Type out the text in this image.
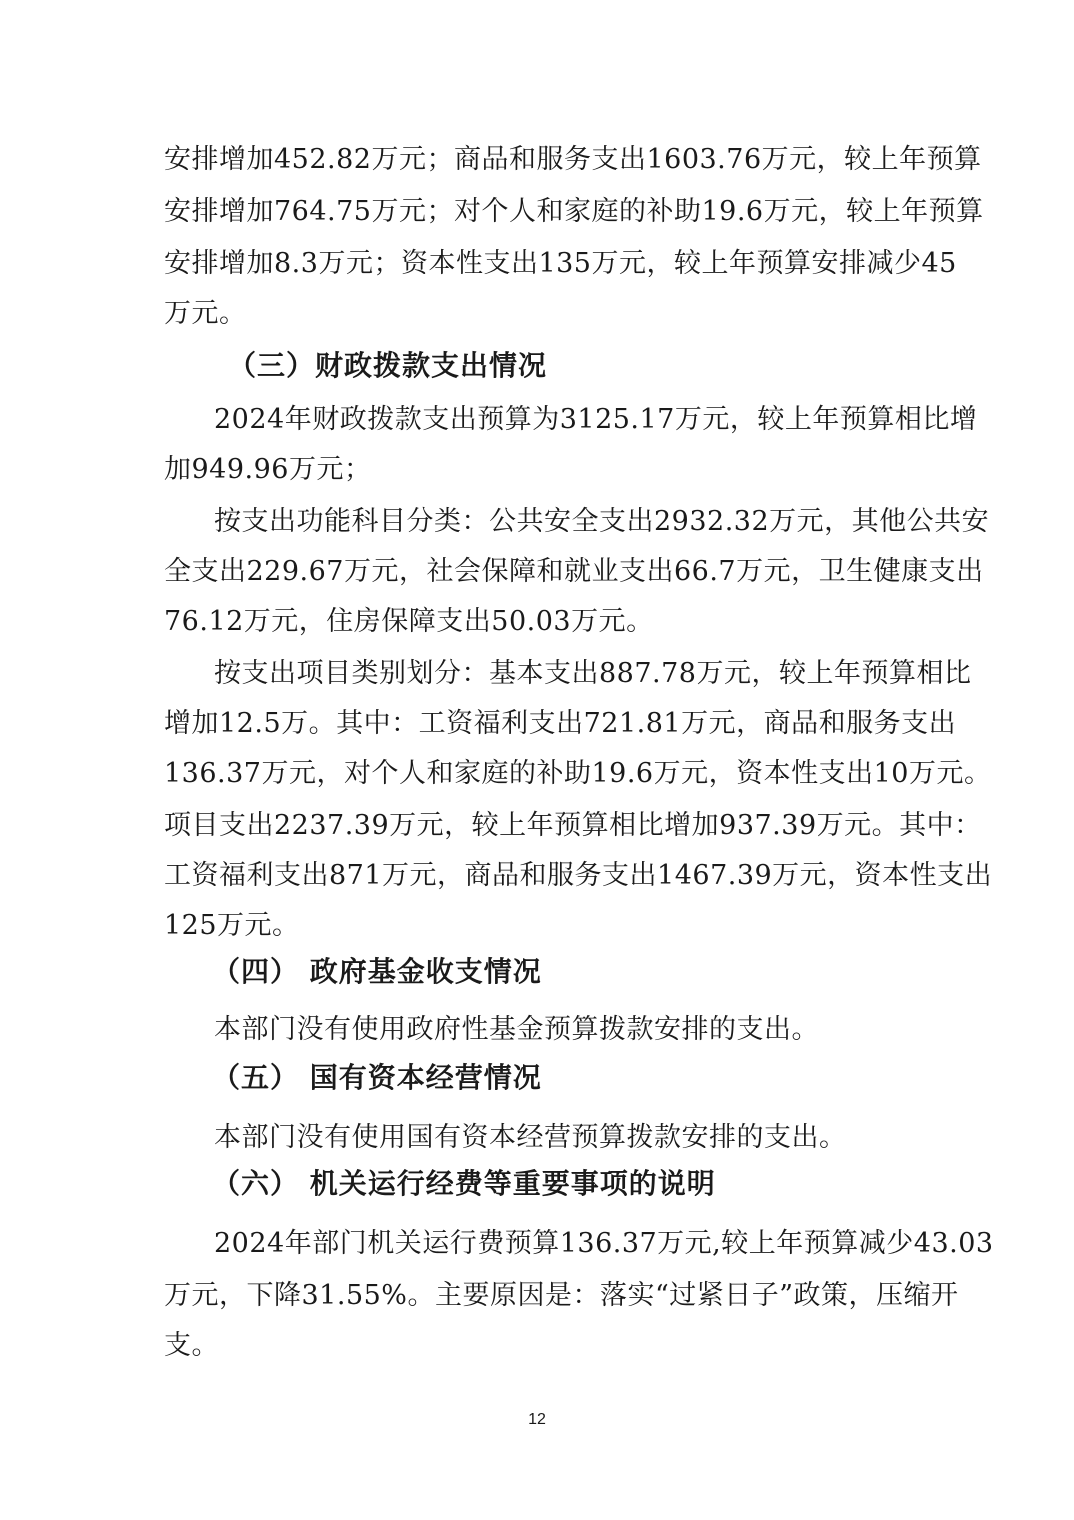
安排增加452.82万元；商品和服务支出1603.76万元，较上年预算
安排增加764.75万元；对个人和家庭的补助19.6万元，较上年预算
安排增加8.3万元；资本性支出135万元，较上年预算安排减少45
万元。
（三）财政拨款支出情况
2024年财政拨款支出预算为3125.17万元，较上年预算相比增
加949.96万元；
按支出功能科目分类：公共安全支出2932.32万元，其他公共安
全支出229.67万元，社会保障和就业支出66.7万元，卫生健康支出
76.12万元，住房保障支出50.03万元。
按支出项目类别划分：基本支出887.78万元，较上年预算相比
增加12.5万。其中：工资福利支出721.81万元，商品和服务支出
136.37万元，对个人和家庭的补助19.6万元，资本性支出10万元。
项目支出2237.39万元，较上年预算相比增加937.39万元。其中：
工资福利支出871万元，商品和服务支出1467.39万元，资本性支出
125万元。
（四） 政府基金收支情况
本部门没有使用政府性基金预算拨款安排的支出。
（五） 国有资本经营情况
本部门没有使用国有资本经营预算拨款安排的支出。
（六） 机关运行经费等重要事项的说明
2024年部门机关运行费预算136.37万元,较上年预算减少43.03
万元，下降31.55%。主要原因是：落实“过紧日子”政策，压缩开
支。
12
